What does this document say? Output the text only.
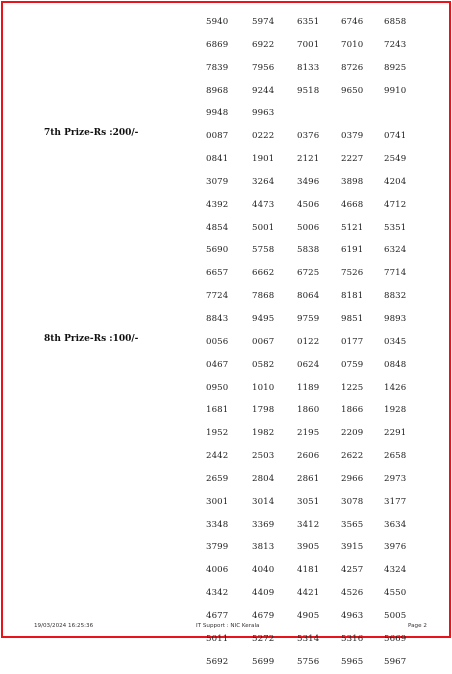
5940	5974	6351	6746 6858
6869	6922	7001	7010 7243
7839	7956	8133	8726 8925
8968	9244	9518	9650 9910
9948	9963
7th Prize-Rs :200/-	0087	0222	0376	0379 0741
0841	1901	2121	2227 2549
3079	3264	3496	3898 4204
4392	4473	4506	4668 4712
4854	5001	5006	5121 5351
5690	5758	5838	6191 6324
6657	6662	6725	7526 7714
7724	7868	8064	8181 8832
8843	9495	9759	9851 9893
8th Prize-Rs :100/-	0056	0067	0122	0177 0345
0467	0582	0624	0759 0848
0950	1010	1189	1225 1426
1681	1798	1860	1866 1928
1952	1982	2195	2209 2291
2442	2503	2606	2622 2658
2659	2804	2861	2966 2973
3001	3014	3051	3078 3177
3348	3369	3412	3565 3634
3799	3813	3905	3915 3976
4006	4040	4181	4257 4324
4342	4409	4421	4526 4550
4677	4679	4905	4963 5005
5011	5272	5314	5316 5669
5692	5699	5756	5965 5967
19/03/2024 16:25:36	IT Support : NIC Kerala	Page 2
